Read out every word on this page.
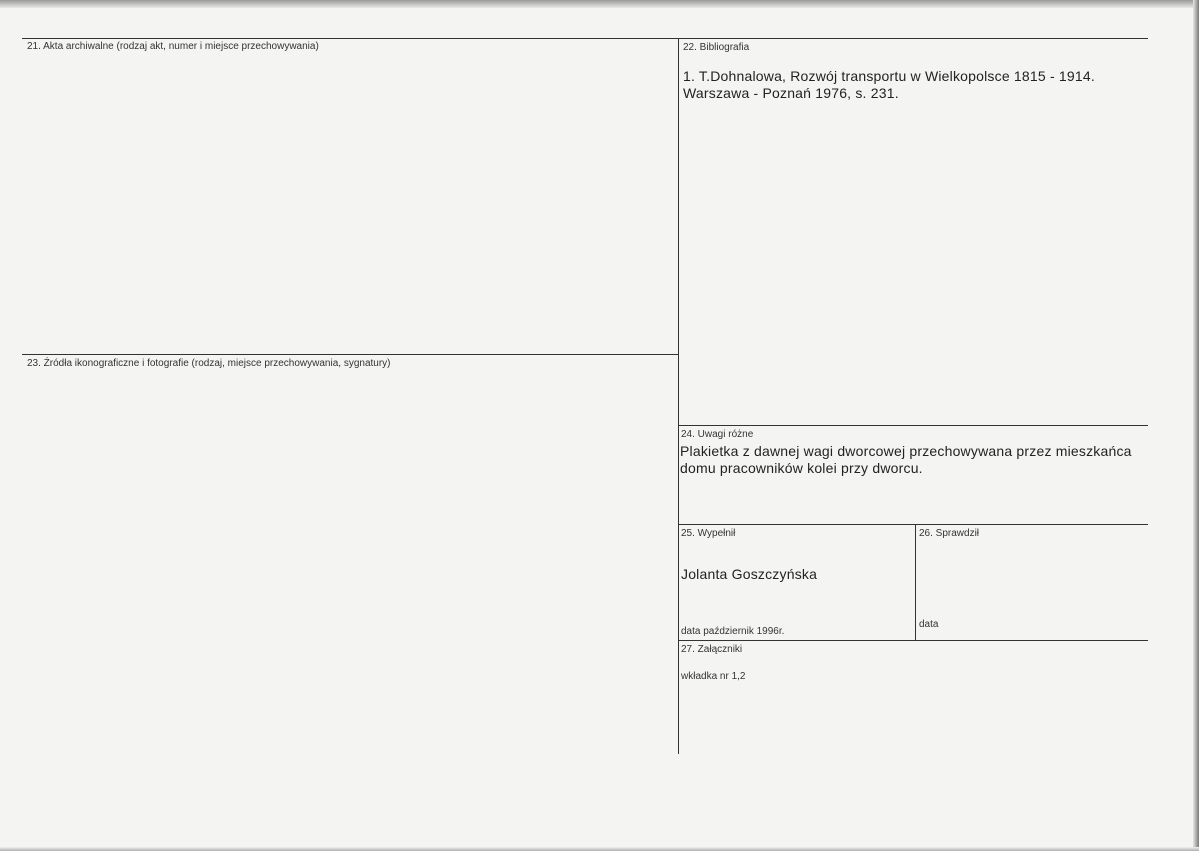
21. Akta archiwalne (rodzaj akt, numer i miejsce przechowywania)	22. Bibliografia
1. T.Dohnalowa, Rozwój transportu w Wielkopolsce 1815 - 1914.
Warszawa - Poznań 1976, s. 231.
23. Źródła ikonograficzne i fotografie (rodzaj, miejsce przechowywania, sygnatury)
24. Uwagi różne
Plakietka z dawnej wagi dworcowej przechowywana przez mieszkańca
domu pracowników kolei przy dworcu.
25. Wypełnił
Jolanta Goszczyńska
data październik 1996r.
26. Sprawdził
data
27. Załączniki
wkładka nr 1,2
